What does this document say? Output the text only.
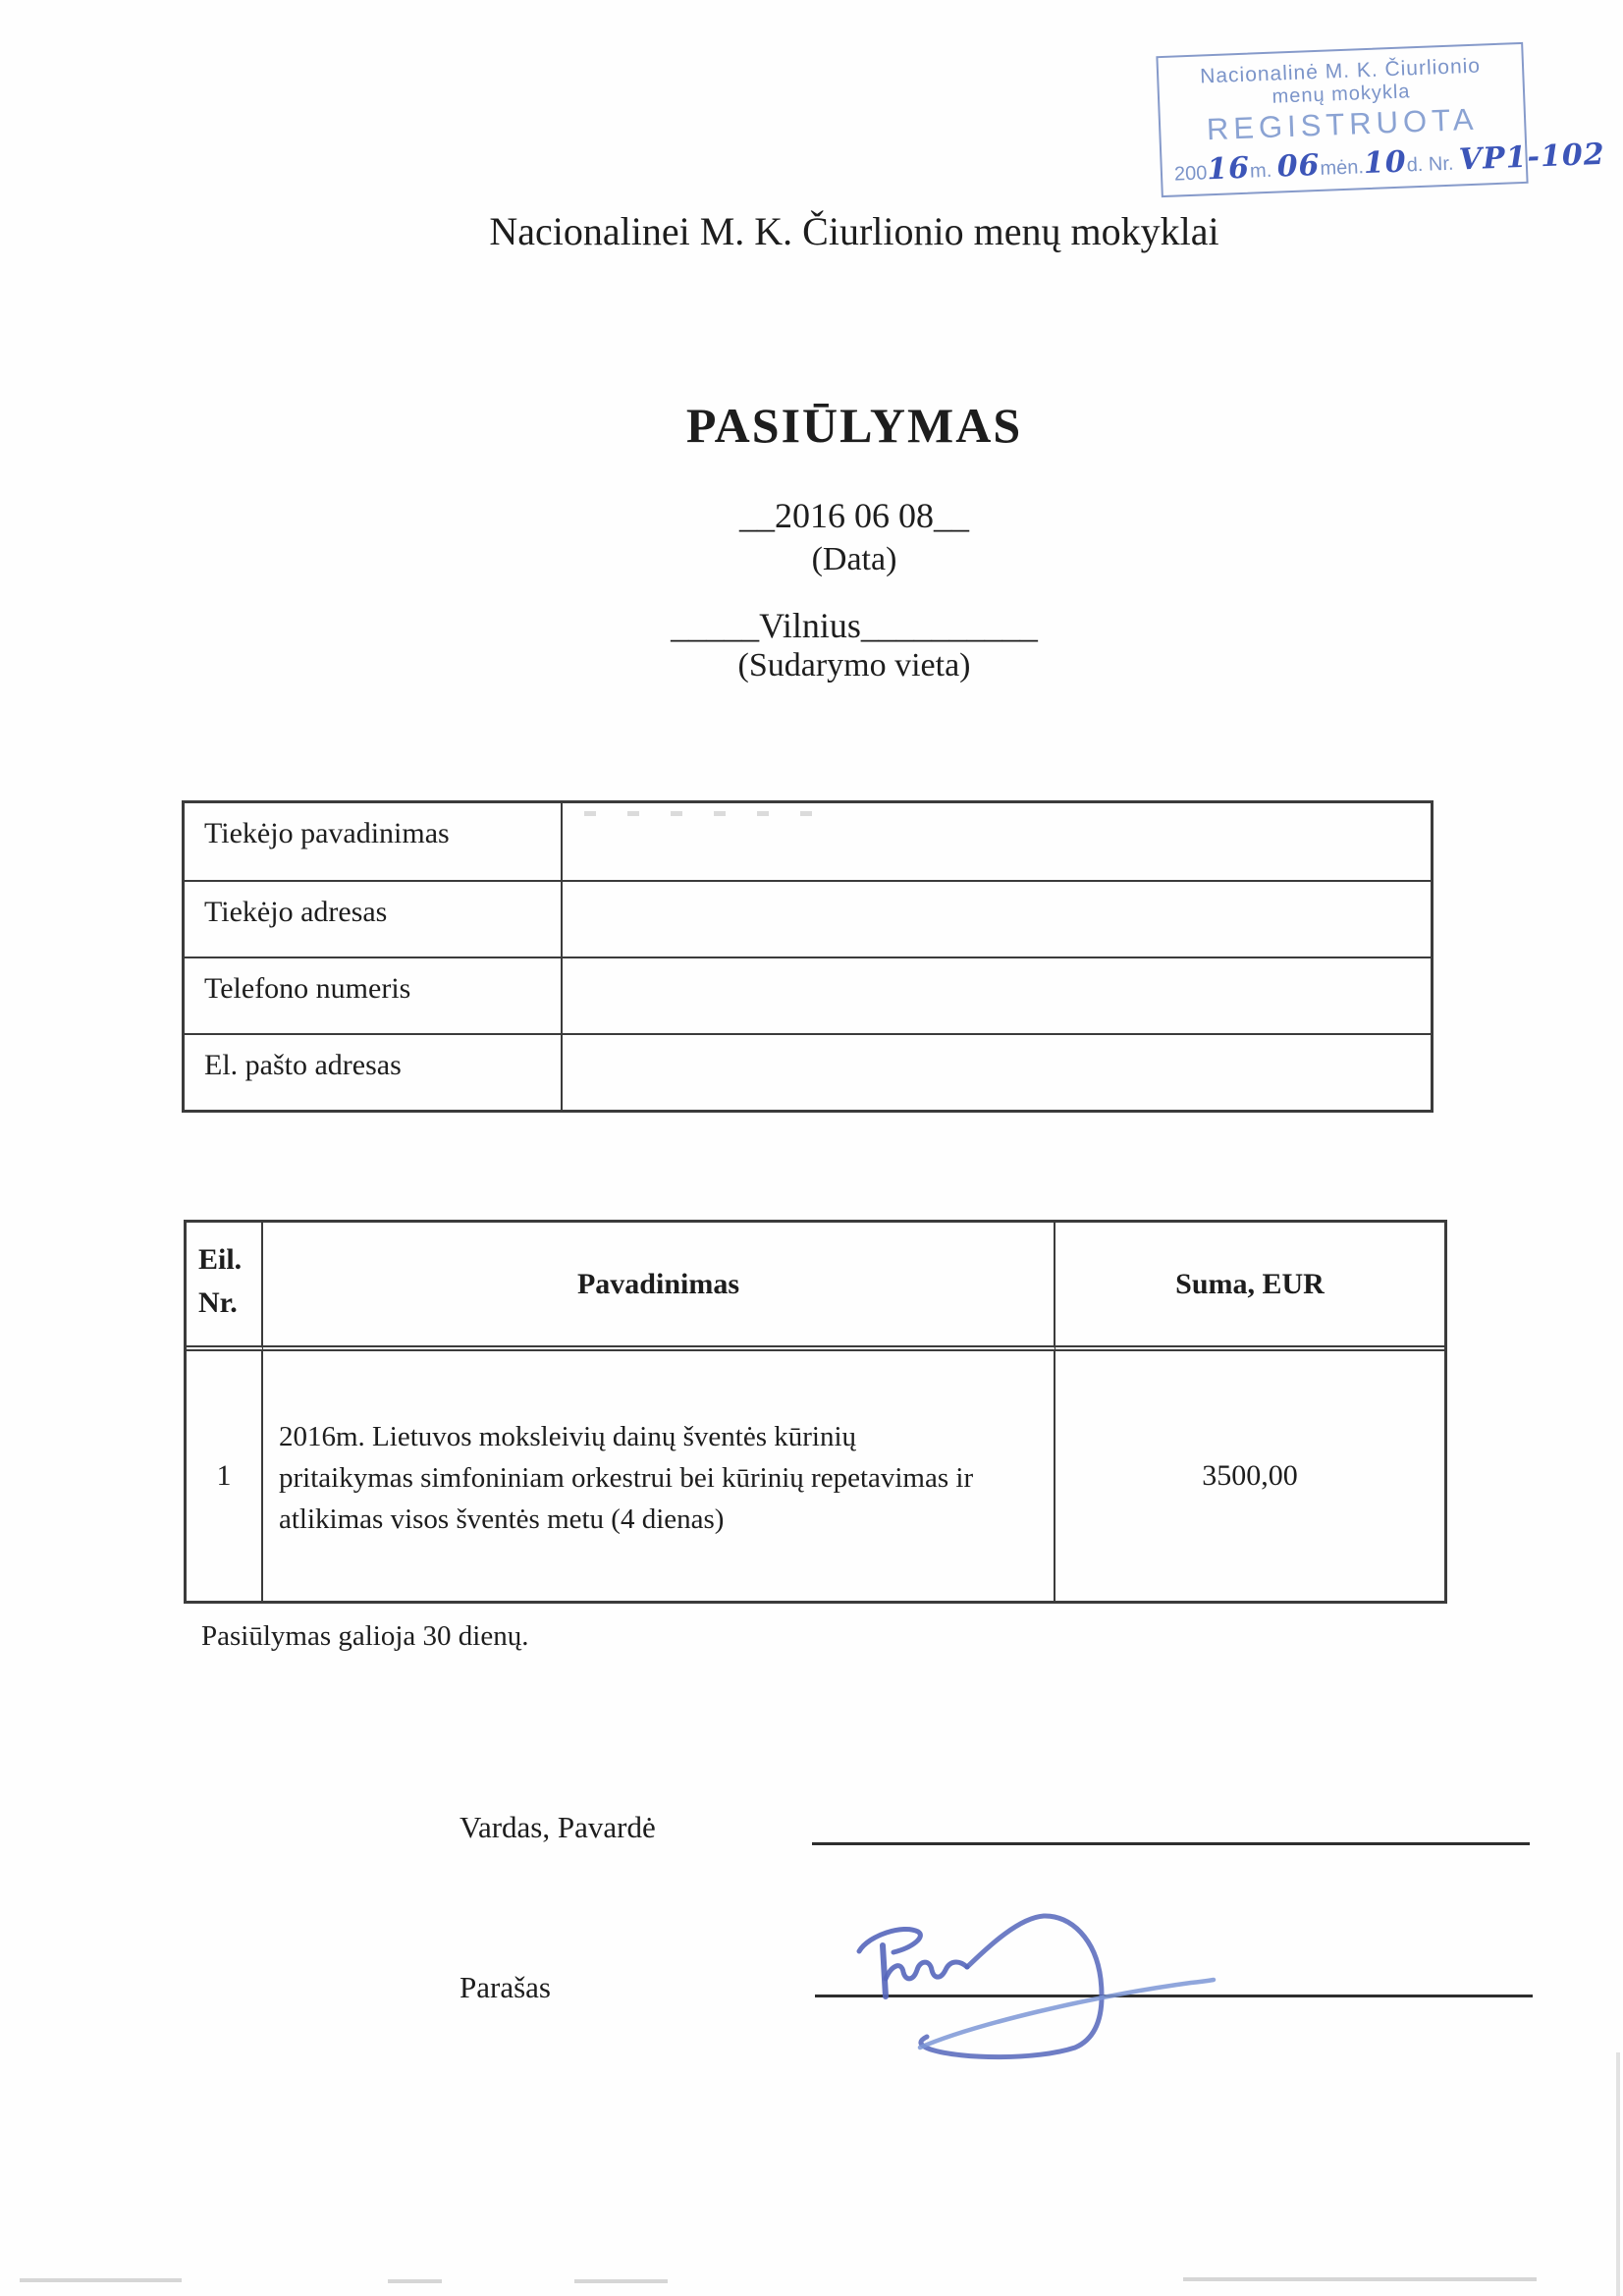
Nacionalinė M. K. Čiurlionio
menų mokykla
REGISTRUOTA
20016m. 06mėn.10d. Nr. VP1-102
Nacionalinei M. K. Čiurlionio menų mokyklai
PASIŪLYMAS
__2016 06 08__
(Data)
_____Vilnius__________
(Sudarymo vieta)
Tiekėjo pavadinimas
Tiekėjo adresas
Telefono numeris
El. pašto adresas
Eil.
Nr.
Pavadinimas	Suma, EUR
1
2016m. Lietuvos moksleivių dainų šventės kūrinių pritaikymas simfoniniam orkestrui bei kūrinių repetavimas ir atlikimas visos šventės metu (4 dienas)
3500,00
Pasiūlymas galioja 30 dienų.
Vardas, Pavardė
Parašas
